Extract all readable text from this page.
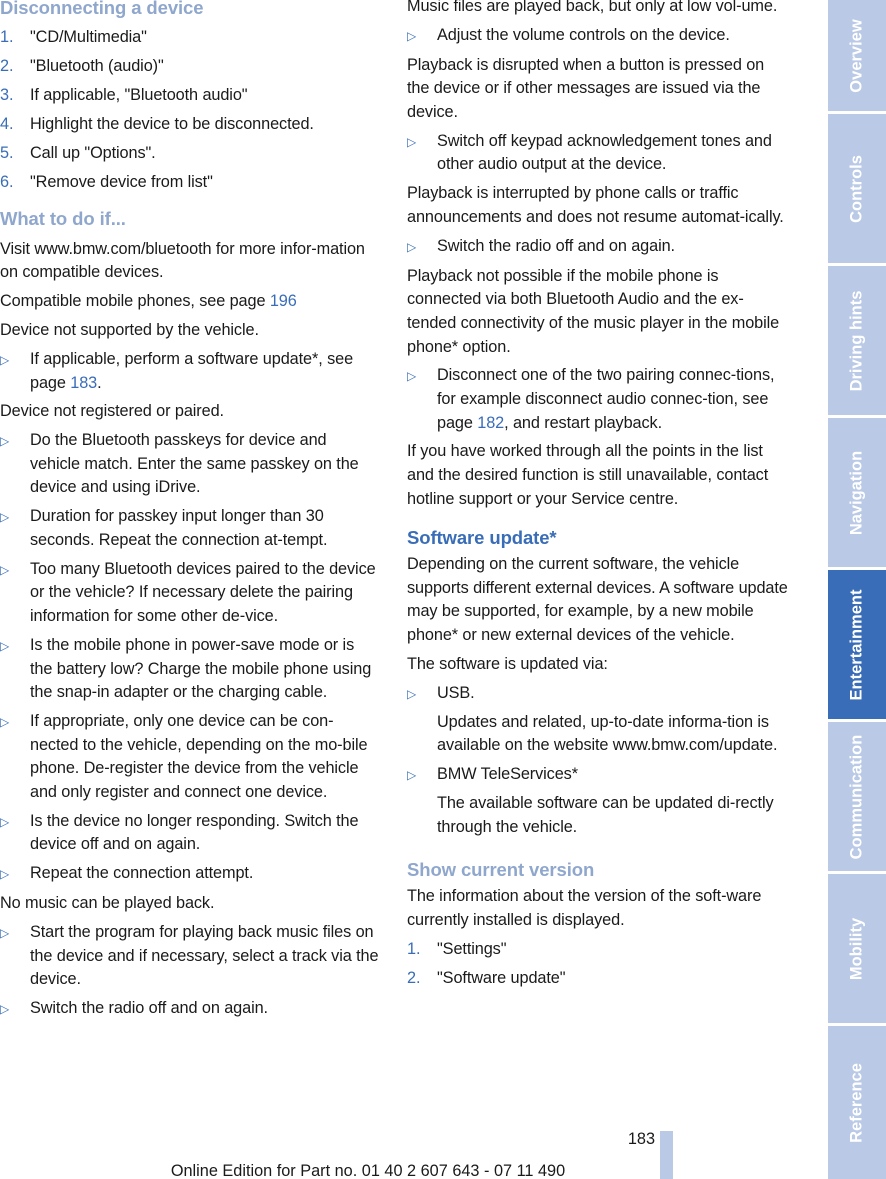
Disconnecting a device
1.	"CD/Multimedia"
2.	"Bluetooth (audio)"
3.	If applicable, "Bluetooth audio"
4.	Highlight the device to be disconnected.
5.	Call up "Options".
6.	"Remove device from list"
What to do if...

Visit www.bmw.com/bluetooth for more infor-mation on compatible devices.

Compatible mobile phones, see page 196

Device not supported by the vehicle.

▷	If applicable, perform a software update*, see page 183.

Device not registered or paired.

▷	Do the Bluetooth passkeys for device and vehicle match. Enter the same passkey on the device and using iDrive.
▷	Duration for passkey input longer than 30 seconds. Repeat the connection at-tempt.
▷	Too many Bluetooth devices paired to the device or the vehicle? If necessary delete the pairing information for some other de-vice.
▷	Is the mobile phone in power-save mode or is the battery low? Charge the mobile phone using the snap-in adapter or the charging cable.
▷	If appropriate, only one device can be con-nected to the vehicle, depending on the mo-bile phone. De-register the device from the vehicle and only register and connect one device.
▷	Is the device no longer responding. Switch the device off and on again.
▷	Repeat the connection attempt.

No music can be played back.

▷	Start the program for playing back music files on the device and if necessary, select a track via the device.
▷	Switch the radio off and on again.

Music files are played back, but only at low vol-ume.

▷	Adjust the volume controls on the device.

Playback is disrupted when a button is pressed on the device or if other messages are issued via the device.

▷	Switch off keypad acknowledgement tones and other audio output at the device.

Playback is interrupted by phone calls or traffic announcements and does not resume automat-ically.

▷	Switch the radio off and on again.

Playback not possible if the mobile phone is connected via both Bluetooth Audio and the ex-tended connectivity of the music player in the mobile phone* option.

▷	Disconnect one of the two pairing connec-tions, for example disconnect audio connec-tion, see page 182, and restart playback.

If you have worked through all the points in the list and the desired function is still unavailable, contact hotline support or your Service centre.

Software update*

Depending on the current software, the vehicle supports different external devices. A software update may be supported, for example, by a new mobile phone* or new external devices of the vehicle.

The software is updated via:

▷	USB.
Updates and related, up-to-date informa-tion is available on the website www.bmw.com/update.
▷	BMW TeleServices*
The available software can be updated di-rectly through the vehicle.
Show current version

The information about the version of the soft-ware currently installed is displayed.

1.	"Settings"
2.	"Software update"
Overview
Controls
Driving hints
Navigation
Entertainment
Communication
Mobility
Reference
183
Online Edition for Part no. 01 40 2 607 643 - 07 11 490
